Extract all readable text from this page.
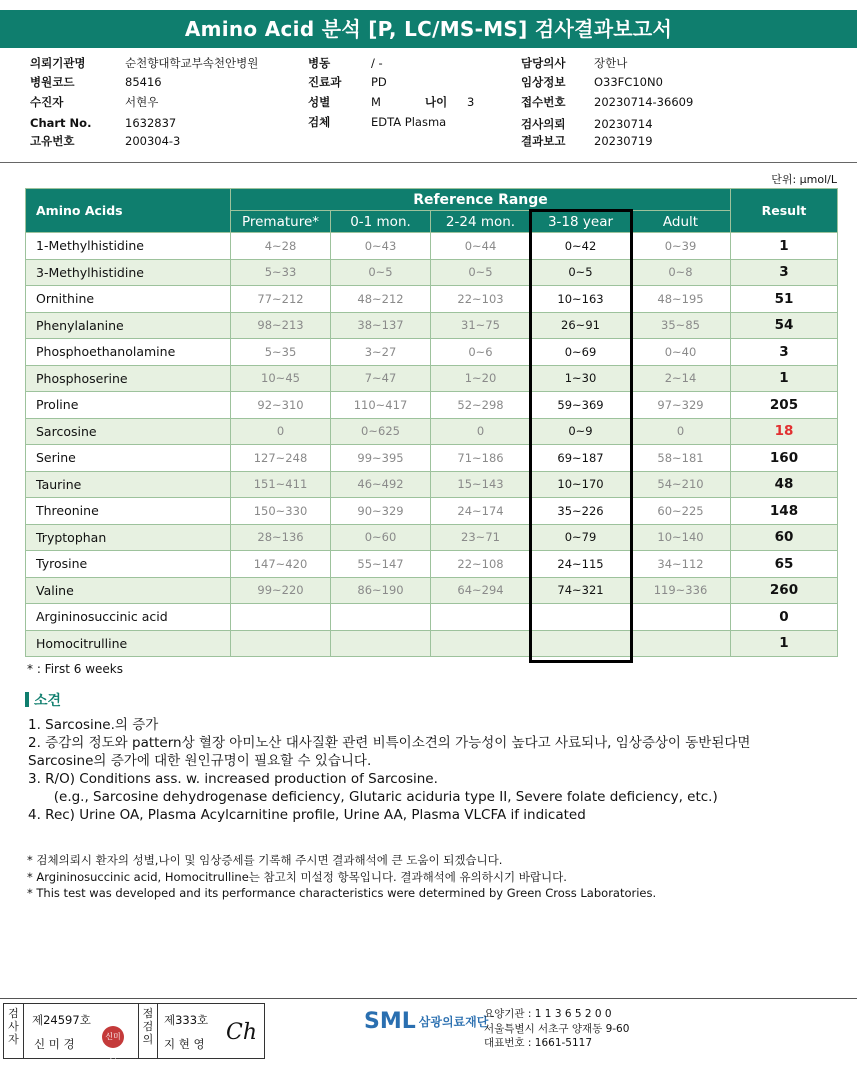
Amino Acid 분석 [P, LC/MS-MS] 검사결과보고서
의뢰기관명	순천향대학교부속천안병원
병원코드	85416
수진자	서현우
Chart No.	1632837
고유번호	200304-3
병동	/ -
진료과	PD
성별	M	나이 3
검체	EDTA Plasma
담당의사 장한나
임상정보 O33FC10N0
접수번호 20230714-36609
검사의뢰 20230714
결과보고 20230719
단위: µmol/L
Amino Acids	Reference Range					Result
	Premature*	0-1 mon.	2-24 mon.	3-18 year	Adult	
1-Methylhistidine	4~28	0~43	0~44	0~42	0~39	1
3-Methylhistidine	5~33	0~5	0~5	0~5	0~8	3
Ornithine	77~212	48~212	22~103	10~163	48~195	51
Phenylalanine	98~213	38~137	31~75	26~91	35~85	54
Phosphoethanolamine	5~35	3~27	0~6	0~69	0~40	3
Phosphoserine	10~45	7~47	1~20	1~30	2~14	1
Proline	92~310	110~417	52~298	59~369	97~329	205
Sarcosine	0	0~625	0	0~9	0	18
Serine	127~248	99~395	71~186	69~187	58~181	160
Taurine	151~411	46~492	15~143	10~170	54~210	48
Threonine	150~330	90~329	24~174	35~226	60~225	148
Tryptophan	28~136	0~60	23~71	0~79	10~140	60
Tyrosine	147~420	55~147	22~108	24~115	34~112	65
Valine	99~220	86~190	64~294	74~321	119~336	260
Argininosuccinic acid						0
Homocitrulline						1
* : First 6 weeks
소견
1. Sarcosine.의 증가
2. 증감의 정도와 pattern상 혈장 아미노산 대사질환 관련 비특이소견의 가능성이 높다고 사료되나, 임상증상이 동반된다면
Sarcosine의 증가에 대한 원인규명이 필요할 수 있습니다.
3. R/O) Conditions ass. w. increased production of Sarcosine.
(e.g., Sarcosine dehydrogenase deficiency, Glutaric aciduria type II, Severe folate deficiency, etc.)
4. Rec) Urine OA, Plasma Acylcarnitine profile, Urine AA, Plasma VLCFA if indicated
* 검체의뢰시 환자의 성별,나이 및 임상증세를 기록해 주시면 결과해석에 큰 도움이 되겠습니다.
* Argininosuccinic acid, Homocitrulline는 참고치 미설정 항목입니다. 결과해석에 유의하시기 바랍니다.
* This test was developed and its performance characteristics were determined by Green Cross Laboratories.
검사자
제24597호
신 미 경
신미경
점검의
제333호
지 현 영 Ch	SML 삼광의료재단
요양기관 : 1 1 3 6 5 2 0 0
서울특별시 서초구 양재동 9-60
대표번호 : 1661-5117
